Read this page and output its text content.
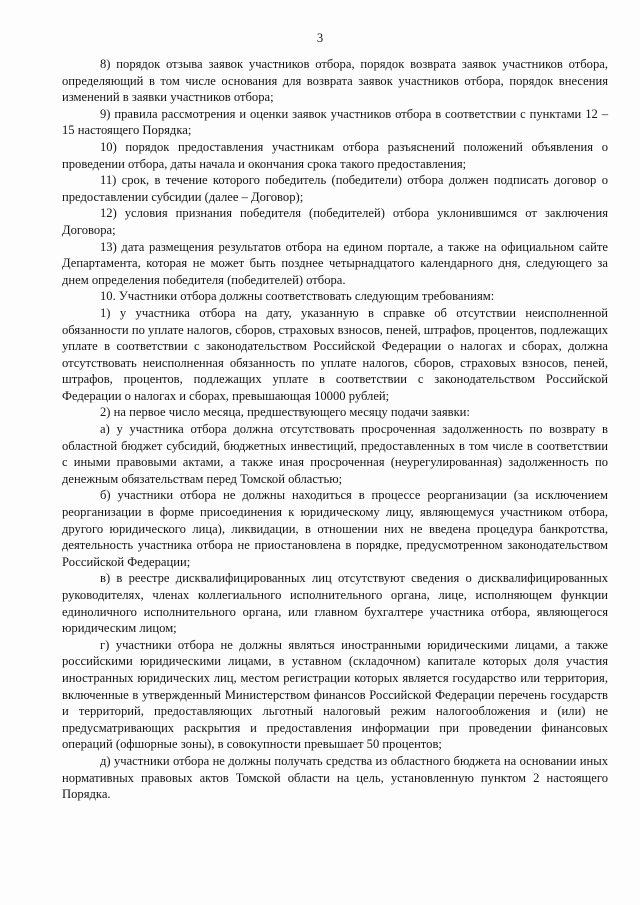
3

8) порядок отзыва заявок участников отбора, порядок возврата заявок участников отбора, определяющий в том числе основания для возврата заявок участников отбора, порядок внесения изменений в заявки участников отбора;

9) правила рассмотрения и оценки заявок участников отбора в соответствии с пунктами 12 – 15 настоящего Порядка;

10) порядок предоставления участникам отбора разъяснений положений объявления о проведении отбора, даты начала и окончания срока такого предоставления;

11) срок, в течение которого победитель (победители) отбора должен подписать договор о предоставлении субсидии (далее – Договор);

12) условия признания победителя (победителей) отбора уклонившимся от заключения Договора;

13) дата размещения результатов отбора на едином портале, а также на официальном сайте Департамента, которая не может быть позднее четырнадцатого календарного дня, следующего за днем определения победителя (победителей) отбора.

10. Участники отбора должны соответствовать следующим требованиям:

1) у участника отбора на дату, указанную в справке об отсутствии неисполненной обязанности по уплате налогов, сборов, страховых взносов, пеней, штрафов, процентов, подлежащих уплате в соответствии с законодательством Российской Федерации о налогах и сборах, должна отсутствовать неисполненная обязанность по уплате налогов, сборов, страховых взносов, пеней, штрафов, процентов, подлежащих уплате в соответствии с законодательством Российской Федерации о налогах и сборах, превышающая 10000 рублей;

2) на первое число месяца, предшествующего месяцу подачи заявки:

а) у участника отбора должна отсутствовать просроченная задолженность по возврату в областной бюджет субсидий, бюджетных инвестиций, предоставленных в том числе в соответствии с иными правовыми актами, а также иная просроченная (неурегулированная) задолженность по денежным обязательствам перед Томской областью;

б) участники отбора не должны находиться в процессе реорганизации (за исключением реорганизации в форме присоединения к юридическому лицу, являющемуся участником отбора, другого юридического лица), ликвидации, в отношении них не введена процедура банкротства, деятельность участника отбора не приостановлена в порядке, предусмотренном законодательством Российской Федерации;

в) в реестре дисквалифицированных лиц отсутствуют сведения о дисквалифицированных руководителях, членах коллегиального исполнительного органа, лице, исполняющем функции единоличного исполнительного органа, или главном бухгалтере участника отбора, являющегося юридическим лицом;

г) участники отбора не должны являться иностранными юридическими лицами, а также российскими юридическими лицами, в уставном (складочном) капитале которых доля участия иностранных юридических лиц, местом регистрации которых является государство или территория, включенные в утвержденный Министерством финансов Российской Федерации перечень государств и территорий, предоставляющих льготный налоговый режим налогообложения и (или) не предусматривающих раскрытия и предоставления информации при проведении финансовых операций (офшорные зоны), в совокупности превышает 50 процентов;

д) участники отбора не должны получать средства из областного бюджета на основании иных нормативных правовых актов Томской области на цель, установленную пунктом 2 настоящего Порядка.
